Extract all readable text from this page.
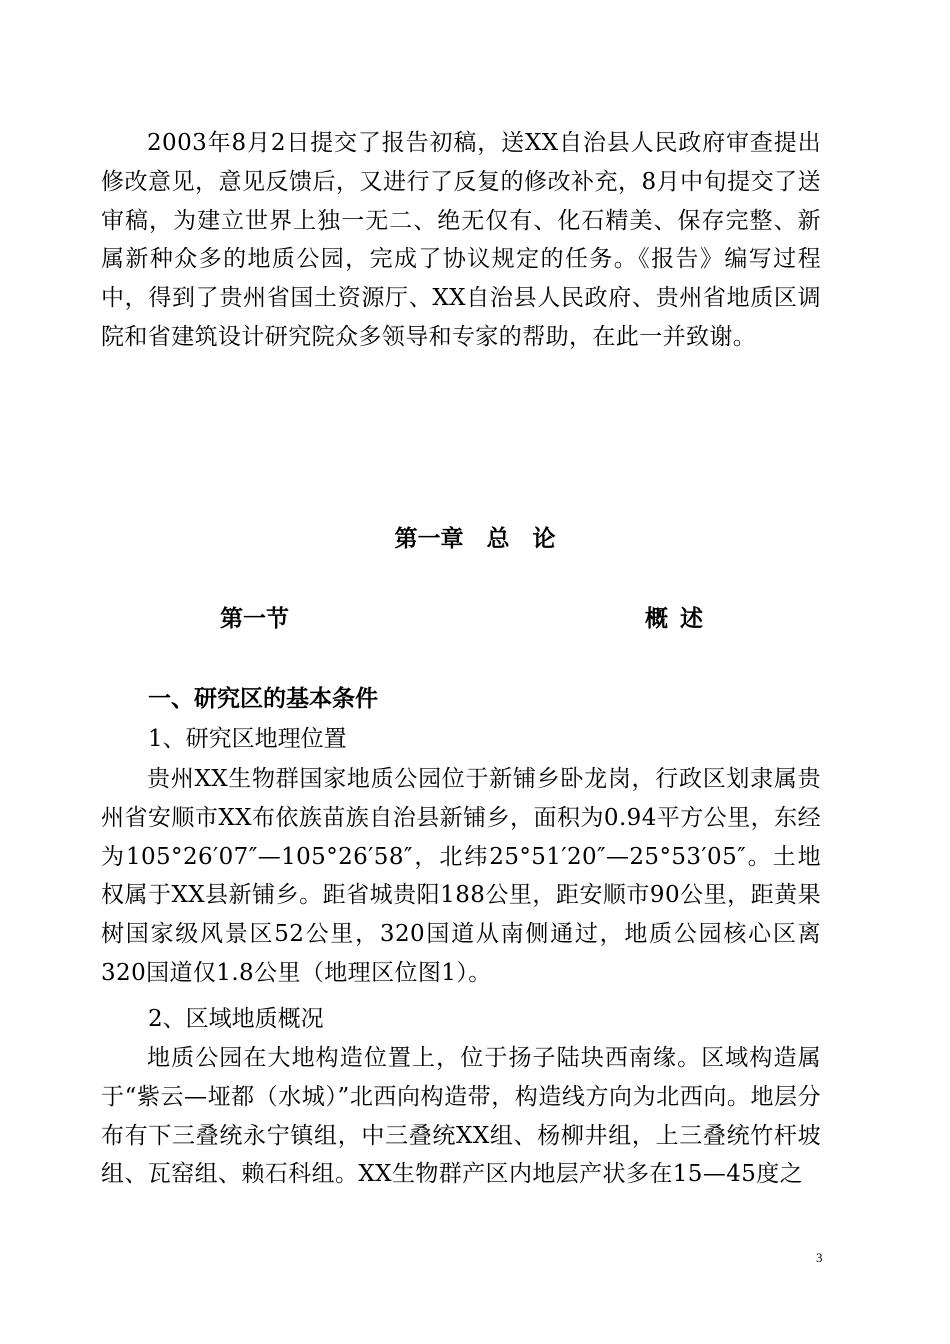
2003年8月2日提交了报告初稿，送XX自治县人民政府审查提出修改意见，意见反馈后，又进行了反复的修改补充，8月中旬提交了送审稿，为建立世界上独一无二、绝无仅有、化石精美、保存完整、新属新种众多的地质公园，完成了协议规定的任务。《报告》编写过程中，得到了贵州省国土资源厅、XX自治县人民政府、贵州省地质区调院和省建筑设计研究院众多领导和专家的帮助，在此一并致谢。

第一章　总　论
第一节	概 述
一、研究区的基本条件
1、研究区地理位置

贵州XX生物群国家地质公园位于新铺乡卧龙岗，行政区划隶属贵州省安顺市XX布依族苗族自治县新铺乡，面积为0.94平方公里，东经为105°26′07″—105°26′58″，北纬25°51′20″—25°53′05″。土地权属于XX县新铺乡。距省城贵阳188公里，距安顺市90公里，距黄果树国家级风景区52公里，320国道从南侧通过，地质公园核心区离320国道仅1.8公里（地理区位图1）。

2、区域地质概况

地质公园在大地构造位置上，位于扬子陆块西南缘。区域构造属于“紫云—垭都（水城）”北西向构造带，构造线方向为北西向。地层分布有下三叠统永宁镇组，中三叠统XX组、杨柳井组，上三叠统竹杆坡组、瓦窑组、赖石科组。XX生物群产区内地层产状多在15—45度之

3
